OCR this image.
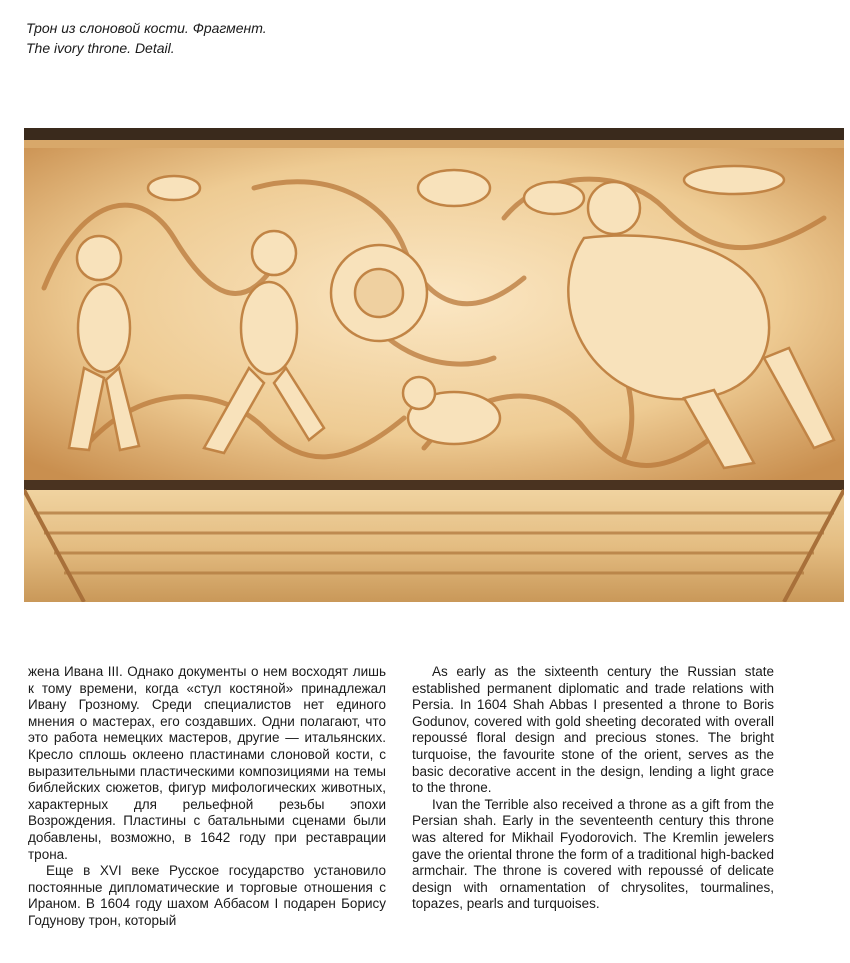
Трон из слоновой кости. Фрагмент.
The ivory throne. Detail.

жена Ивана III. Однако документы о нем восходят лишь к тому времени, когда «стул костяной» принадлежал Ивану Грозному. Среди специалистов нет единого мнения о мастерах, его создавших. Одни полагают, что это работа немецких мастеров, другие — итальянских. Кресло сплошь оклеено пластинами слоновой кости, с выразительными пластическими композициями на темы библейских сюжетов, фигур мифологических животных, характерных для рельефной резьбы эпохи Возрождения. Пластины с батальными сценами были добавлены, возможно, в 1642 году при реставрации трона.

Еще в XVI веке Русское государство установило постоянные дипломатические и торговые отношения с Ираном. В 1604 году шахом Аббасом I подарен Борису Годунову трон, который

As early as the sixteenth century the Russian state established permanent diplomatic and trade relations with Persia. In 1604 Shah Abbas I presented a throne to Boris Godunov, covered with gold sheeting decorated with overall repoussé floral design and precious stones. The bright turquoise, the favourite stone of the orient, serves as the basic decorative accent in the design, lending a light grace to the throne.

Ivan the Terrible also received a throne as a gift from the Persian shah. Early in the seventeenth century this throne was altered for Mikhail Fyodorovich. The Kremlin jewelers gave the oriental throne the form of a traditional high-backed armchair. The throne is covered with repoussé of delicate design with ornamentation of chrysolites, tourmalines, topazes, pearls and turquoises.
